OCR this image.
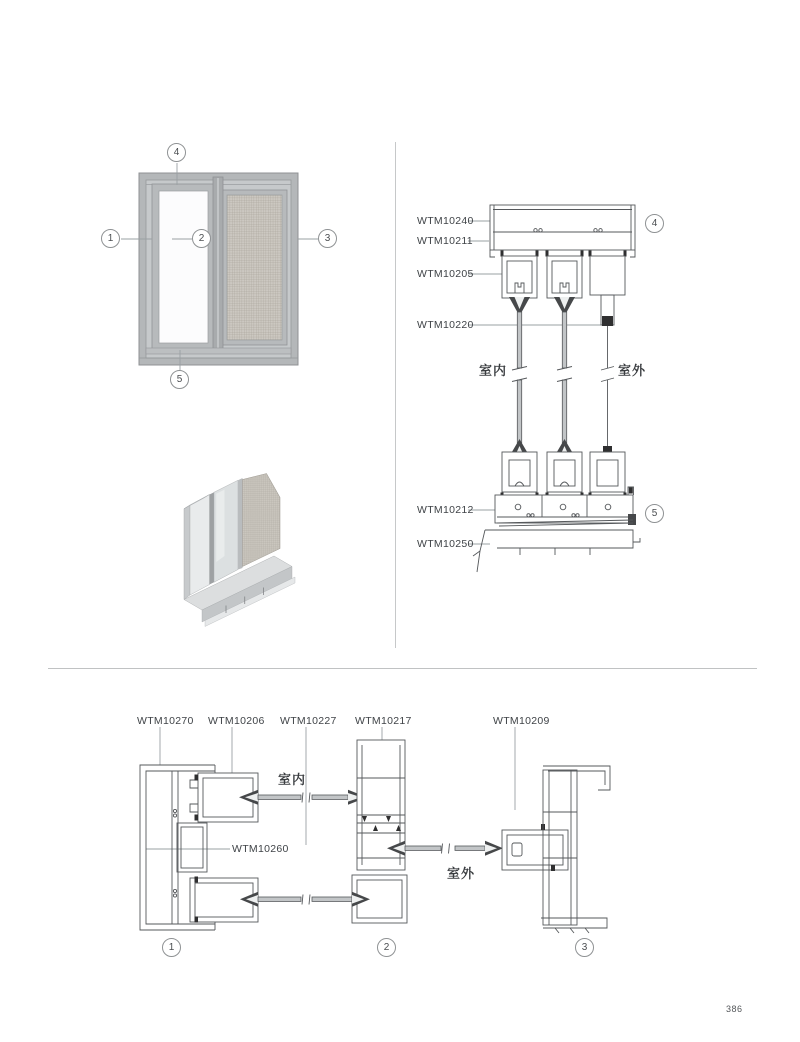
1	2	3
4
5
WTM10240
WTM10211
WTM10205
WTM10220
WTM10212
WTM10250
室内	室外
4
5
WTM10270 WTM10206 WTM10227 WTM10217	WTM10209
WTM10260
室内
室外
1	2	3
386
